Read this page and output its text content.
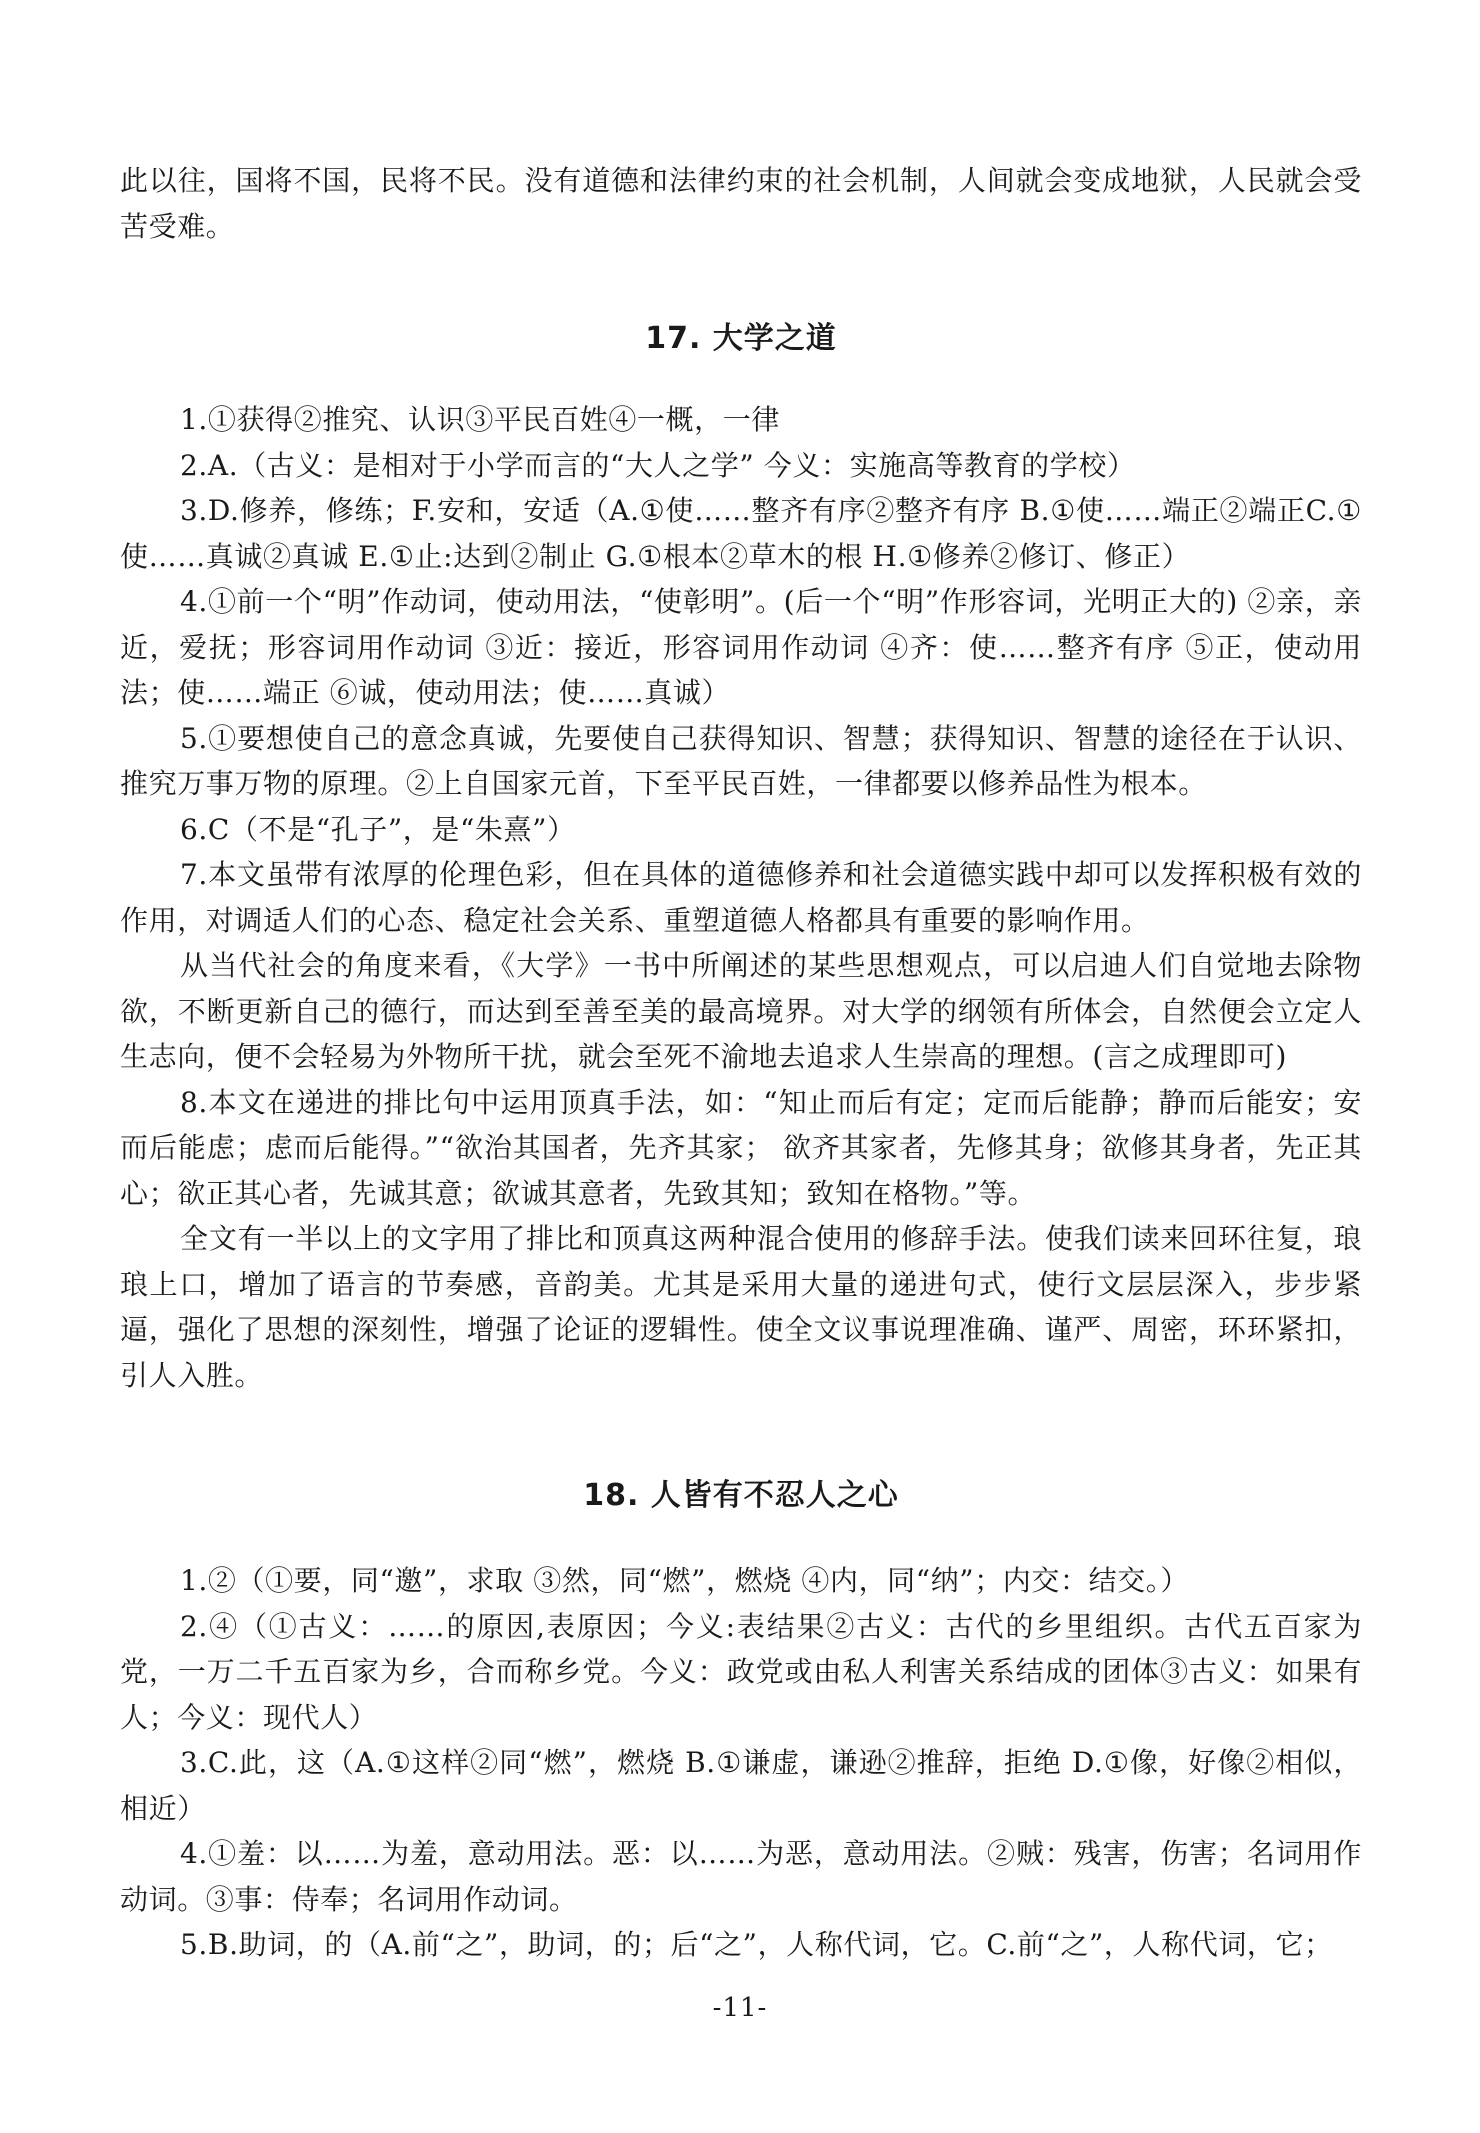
此以往，国将不国，民将不民。没有道德和法律约束的社会机制，人间就会变成地狱，人民就会受苦受难。

17. 大学之道

1.①获得②推究、认识③平民百姓④一概，一律

2.A.（古义：是相对于小学而言的“大人之学” 今义：实施高等教育的学校）

3.D.修养，修练；F.安和，安适（A.①使……整齐有序②整齐有序 B.①使……端正②端正C.①使……真诚②真诚 E.①止:达到②制止 G.①根本②草木的根 H.①修养②修订、修正）

4.①前一个“明”作动词，使动用法，“使彰明”。(后一个“明”作形容词，光明正大的) ②亲，亲近，爱抚；形容词用作动词 ③近：接近，形容词用作动词 ④齐：使……整齐有序 ⑤正，使动用法；使……端正 ⑥诚，使动用法；使……真诚）

5.①要想使自己的意念真诚，先要使自己获得知识、智慧；获得知识、智慧的途径在于认识、推究万事万物的原理。②上自国家元首，下至平民百姓，一律都要以修养品性为根本。

6.C（不是“孔子”，是“朱熹”）

7.本文虽带有浓厚的伦理色彩，但在具体的道德修养和社会道德实践中却可以发挥积极有效的作用，对调适人们的心态、稳定社会关系、重塑道德人格都具有重要的影响作用。

从当代社会的角度来看，《大学》一书中所阐述的某些思想观点，可以启迪人们自觉地去除物欲，不断更新自己的德行，而达到至善至美的最高境界。对大学的纲领有所体会，自然便会立定人生志向，便不会轻易为外物所干扰，就会至死不渝地去追求人生崇高的理想。(言之成理即可)

8.本文在递进的排比句中运用顶真手法，如：“知止而后有定；定而后能静；静而后能安；安而后能虑；虑而后能得。”“欲治其国者，先齐其家； 欲齐其家者，先修其身；欲修其身者，先正其心；欲正其心者，先诚其意；欲诚其意者，先致其知；致知在格物。”等。

全文有一半以上的文字用了排比和顶真这两种混合使用的修辞手法。使我们读来回环往复，琅琅上口，增加了语言的节奏感，音韵美。尤其是采用大量的递进句式，使行文层层深入，步步紧逼，强化了思想的深刻性，增强了论证的逻辑性。使全文议事说理准确、谨严、周密，环环紧扣，引人入胜。

18. 人皆有不忍人之心

1.②（①要，同“邀”，求取 ③然，同“燃”，燃烧 ④内，同“纳”；内交：结交。）

2.④（①古义：……的原因,表原因；今义:表结果②古义：古代的乡里组织。古代五百家为党，一万二千五百家为乡，合而称乡党。今义：政党或由私人利害关系结成的团体③古义：如果有人；今义：现代人）

3.C.此，这（A.①这样②同“燃”，燃烧 B.①谦虚，谦逊②推辞，拒绝 D.①像，好像②相似，相近）

4.①羞：以……为羞，意动用法。恶：以……为恶，意动用法。②贼：残害，伤害；名词用作动词。③事：侍奉；名词用作动词。

5.B.助词，的（A.前“之”，助词，的；后“之”，人称代词，它。C.前“之”，人称代词，它；

-11-
